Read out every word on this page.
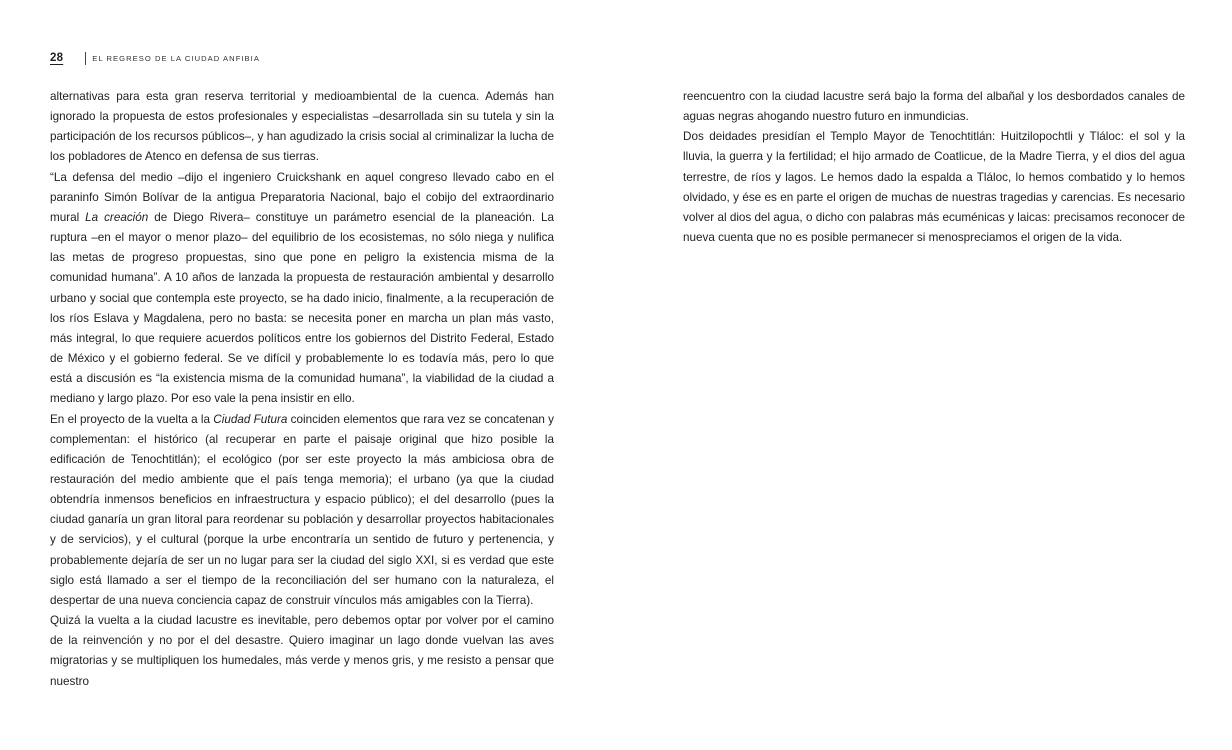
28	EL REGRESO DE LA CIUDAD ANFIBIA

alternativas para esta gran reserva territorial y medioambiental de la cuenca. Además han ignorado la propuesta de estos profesionales y especialistas –desarrollada sin su tutela y sin la participación de los recursos públicos–, y han agudizado la crisis social al criminalizar la lucha de los pobladores de Atenco en defensa de sus tierras.

“La defensa del medio –dijo el ingeniero Cruickshank en aquel congreso llevado cabo en el paraninfo Simón Bolívar de la antigua Preparatoria Nacional, bajo el cobijo del extraordinario mural La creación de Diego Rivera– constituye un parámetro esencial de la planeación. La ruptura –en el mayor o menor plazo– del equilibrio de los ecosistemas, no sólo niega y nulifica las metas de progreso propuestas, sino que pone en peligro la existencia misma de la comunidad humana”. A 10 años de lanzada la propuesta de restauración ambiental y desarrollo urbano y social que contempla este proyecto, se ha dado inicio, finalmente, a la recuperación de los ríos Eslava y Magdalena, pero no basta: se necesita poner en marcha un plan más vasto, más integral, lo que requiere acuerdos políticos entre los gobiernos del Distrito Federal, Estado de México y el gobierno federal. Se ve difícil y probablemente lo es todavía más, pero lo que está a discusión es “la existencia misma de la comunidad humana”, la viabilidad de la ciudad a mediano y largo plazo. Por eso vale la pena insistir en ello.

En el proyecto de la vuelta a la Ciudad Futura coinciden elementos que rara vez se concatenan y complementan: el histórico (al recuperar en parte el paisaje original que hizo posible la edificación de Tenochtitlán); el ecológico (por ser este proyecto la más ambiciosa obra de restauración del medio ambiente que el país tenga memoria); el urbano (ya que la ciudad obtendría inmensos beneficios en infraestructura y espacio público); el del desarrollo (pues la ciudad ganaría un gran litoral para reordenar su población y desarrollar proyectos habitacionales y de servicios), y el cultural (porque la urbe encontraría un sentido de futuro y pertenencia, y probablemente dejaría de ser un no lugar para ser la ciudad del siglo XXI, si es verdad que este siglo está llamado a ser el tiempo de la reconciliación del ser humano con la naturaleza, el despertar de una nueva conciencia capaz de construir vínculos más amigables con la Tierra).

Quizá la vuelta a la ciudad lacustre es inevitable, pero debemos optar por volver por el camino de la reinvención y no por el del desastre. Quiero imaginar un lago donde vuelvan las aves migratorias y se multipliquen los humedales, más verde y menos gris, y me resisto a pensar que nuestro

reencuentro con la ciudad lacustre será bajo la forma del albañal y los desbordados canales de aguas negras ahogando nuestro futuro en inmundicias.

Dos deidades presidían el Templo Mayor de Tenochtitlán: Huitzilopochtli y Tláloc: el sol y la lluvia, la guerra y la fertilidad; el hijo armado de Coatlicue, de la Madre Tierra, y el dios del agua terrestre, de ríos y lagos. Le hemos dado la espalda a Tláloc, lo hemos combatido y lo hemos olvidado, y ése es en parte el origen de muchas de nuestras tragedias y carencias. Es necesario volver al dios del agua, o dicho con palabras más ecuménicas y laicas: precisamos reconocer de nueva cuenta que no es posible permanecer si menospreciamos el origen de la vida.
